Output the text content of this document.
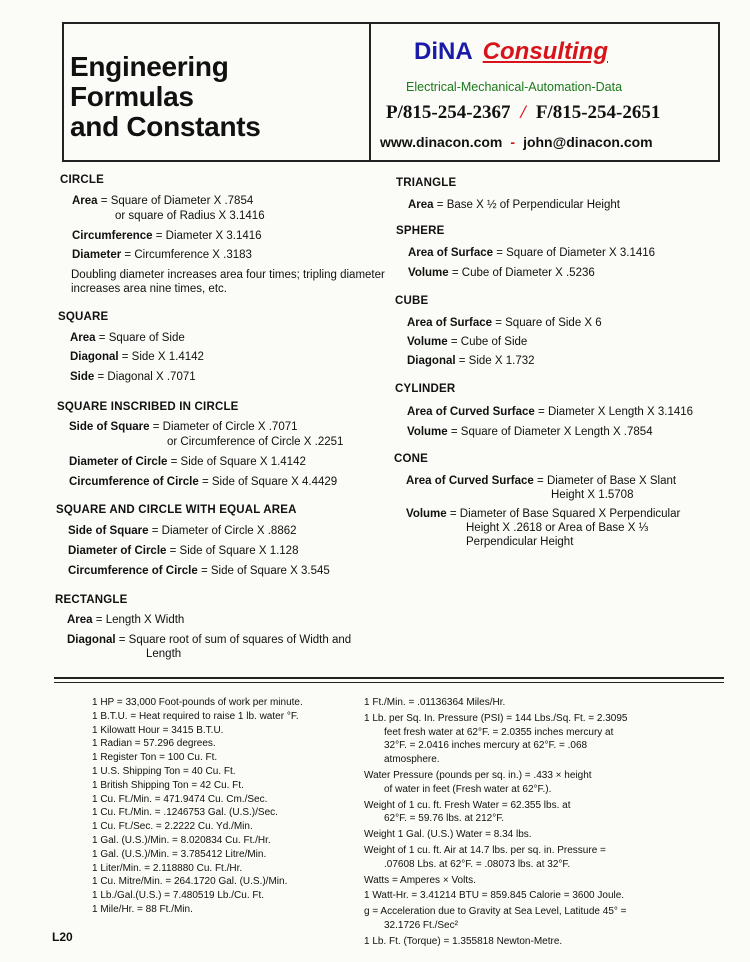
Engineering
Formulas
and Constants
DiNA Consulting
Electrical-Mechanical-Automation-Data
P/815-254-2367 / F/815-254-2651
www.dinacon.com - john@dinacon.com
CIRCLE
Area = Square of Diameter X .7854
or square of Radius X 3.1416
Circumference = Diameter X 3.1416
Diameter = Circumference X .3183
Doubling diameter increases area four times; tripling diameter increases area nine times, etc.
SQUARE
Area = Square of Side
Diagonal = Side X 1.4142
Side = Diagonal X .7071
SQUARE INSCRIBED IN CIRCLE
Side of Square = Diameter of Circle X .7071
or Circumference of Circle X .2251
Diameter of Circle = Side of Square X 1.4142
Circumference of Circle = Side of Square X 4.4429
SQUARE AND CIRCLE WITH EQUAL AREA
Side of Square = Diameter of Circle X .8862
Diameter of Circle = Side of Square X 1.128
Circumference of Circle = Side of Square X 3.545
RECTANGLE
Area = Length X Width
Diagonal = Square root of sum of squares of Width and
Length
TRIANGLE
Area = Base X ½ of Perpendicular Height
SPHERE
Area of Surface = Square of Diameter X 3.1416
Volume = Cube of Diameter X .5236
CUBE
Area of Surface = Square of Side X 6
Volume = Cube of Side
Diagonal = Side X 1.732
CYLINDER
Area of Curved Surface = Diameter X Length X 3.1416
Volume = Square of Diameter X Length X .7854
CONE
Area of Curved Surface = Diameter of Base X Slant
Height X 1.5708
Volume = Diameter of Base Squared X Perpendicular
Height X .2618 or Area of Base X ⅓
Perpendicular Height
1 HP = 33,000 Foot-pounds of work per minute.
1 B.T.U. = Heat required to raise 1 lb. water °F.
1 Kilowatt Hour = 3415 B.T.U.
1 Radian = 57.296 degrees.
1 Register Ton = 100 Cu. Ft.
1 U.S. Shipping Ton = 40 Cu. Ft.
1 British Shipping Ton = 42 Cu. Ft.
1 Cu. Ft./Min. = 471.9474 Cu. Cm./Sec.
1 Cu. Ft./Min. = .1246753 Gal. (U.S.)/Sec.
1 Cu. Ft./Sec. = 2.2222 Cu. Yd./Min.
1 Gal. (U.S.)/Min. = 8.020834 Cu. Ft./Hr.
1 Gal. (U.S.)/Min. = 3.785412 Litre/Min.
1 Liter/Min. = 2.118880 Cu. Ft./Hr.
1 Cu. Mitre/Min. = 264.1720 Gal. (U.S.)/Min.
1 Lb./Gal.(U.S.) = 7.480519 Lb./Cu. Ft.
1 Mile/Hr. = 88 Ft./Min.
1 Ft./Min. = .01136364 Miles/Hr.
1 Lb. per Sq. In. Pressure (PSI) = 144 Lbs./Sq. Ft. = 2.3095
feet fresh water at 62°F. = 2.0355 inches mercury at
32°F. = 2.0416 inches mercury at 62°F. = .068
atmosphere.
Water Pressure (pounds per sq. in.) = .433 × height
of water in feet (Fresh water at 62°F.).
Weight of 1 cu. ft. Fresh Water = 62.355 lbs. at
62°F. = 59.76 lbs. at 212°F.
Weight 1 Gal. (U.S.) Water = 8.34 lbs.
Weight of 1 cu. ft. Air at 14.7 lbs. per sq. in. Pressure =
.07608 Lbs. at 62°F. = .08073 lbs. at 32°F.
Watts = Amperes × Volts.
1 Watt-Hr. = 3.41214 BTU = 859.845 Calorie = 3600 Joule.
g = Acceleration due to Gravity at Sea Level, Latitude 45° =
32.1726 Ft./Sec²
1 Lb. Ft. (Torque) = 1.355818 Newton-Metre.
L20
